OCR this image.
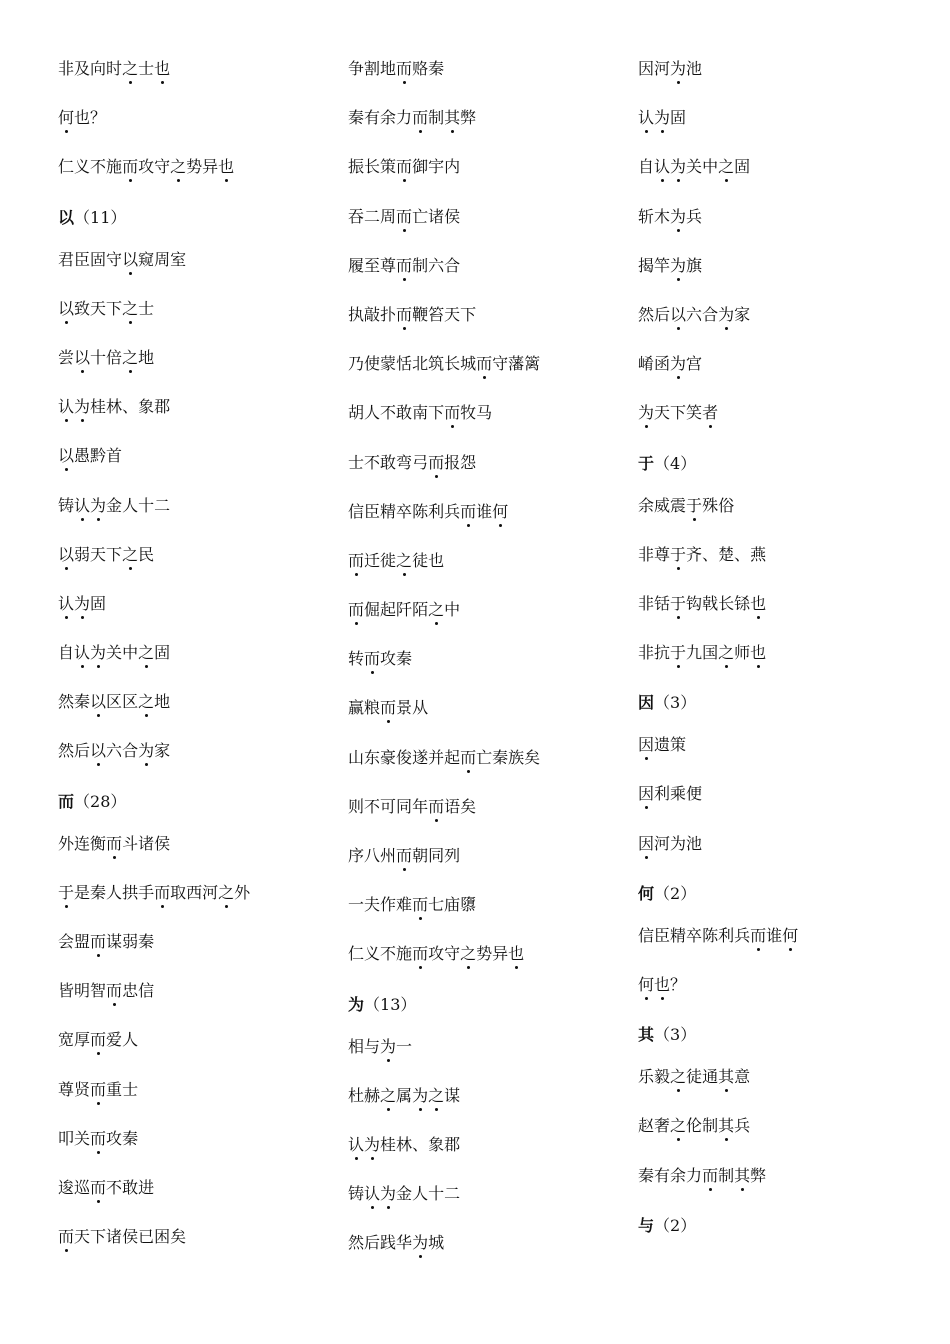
非及向时之士也
何也？
仁义不施而攻守之势异也
以（11）
君臣固守以窥周室
以致天下之士
尝以十倍之地
认为桂林、象郡
以愚黔首
铸认为金人十二
以弱天下之民
认为固
自认为关中之固
然秦以区区之地
然后以六合为家
而（28）
外连衡而斗诸侯
于是秦人拱手而取西河之外
会盟而谋弱秦
皆明智而忠信
宽厚而爱人
尊贤而重士
叩关而攻秦
逡巡而不敢进
而天下诸侯已困矣
争割地而赂秦
秦有余力而制其弊
振长策而御宇内
吞二周而亡诸侯
履至尊而制六合
执敲扑而鞭笞天下
乃使蒙恬北筑长城而守藩篱
胡人不敢南下而牧马
士不敢弯弓而报怨
信臣精卒陈利兵而谁何
而迁徙之徒也
而倔起阡陌之中
转而攻秦
赢粮而景从
山东豪俊遂并起而亡秦族矣
则不可同年而语矣
序八州而朝同列
一夫作难而七庙隳
仁义不施而攻守之势异也
为（13）
相与为一
杜赫之属为之谋
认为桂林、象郡
铸认为金人十二
然后践华为城
因河为池
认为固
自认为关中之固
斩木为兵
揭竿为旗
然后以六合为家
崤函为宫
为天下笑者
于（4）
余威震于殊俗
非尊于齐、楚、燕
非铦于钩戟长铩也
非抗于九国之师也
因（3）
因遗策
因利乘便
因河为池
何（2）
信臣精卒陈利兵而谁何
何也？
其（3）
乐毅之徒通其意
赵奢之伦制其兵
秦有余力而制其弊
与（2）
